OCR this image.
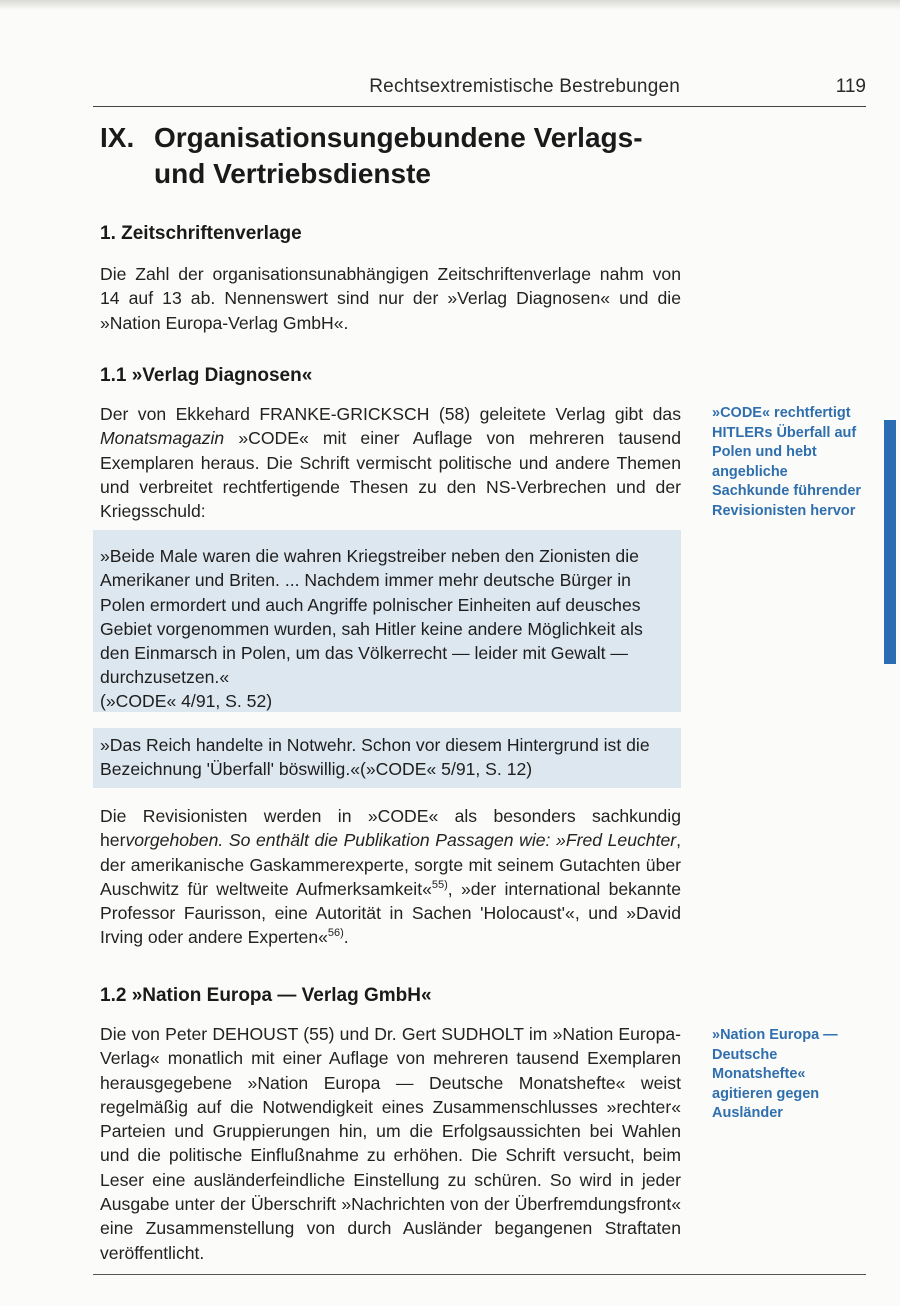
Rechtsextremistische Bestrebungen	119
IX. Organisationsungebundene Verlags-
und Vertriebsdienste
1. Zeitschriftenverlage

Die Zahl der organisationsunabhängigen Zeitschriftenverlage nahm von 14 auf 13 ab. Nennenswert sind nur der »Verlag Diagnosen« und die »Nation Europa-Verlag GmbH«.

1.1 »Verlag Diagnosen«

Der von Ekkehard FRANKE-GRICKSCH (58) geleitete Verlag gibt das Monatsmagazin »CODE« mit einer Auflage von mehreren tausend Exemplaren heraus. Die Schrift vermischt politische und andere Themen und verbreitet rechtfertigende Thesen zu den NS-Verbrechen und der Kriegsschuld:

»CODE« rechtfertigt HITLERs Überfall auf Polen und hebt angebliche Sachkunde führender Revisionisten hervor

»Beide Male waren die wahren Kriegstreiber neben den Zionisten die Amerikaner und Briten. ... Nachdem immer mehr deutsche Bürger in Polen ermordert und auch Angriffe polnischer Einheiten auf deusches Gebiet vorgenommen wurden, sah Hitler keine andere Möglichkeit als den Einmarsch in Polen, um das Völkerrecht — leider mit Gewalt — durchzusetzen.«

(»CODE« 4/91, S. 52)

»Das Reich handelte in Notwehr. Schon vor diesem Hintergrund ist die Bezeichnung 'Überfall' böswillig.«(»CODE« 5/91, S. 12)

Die Revisionisten werden in »CODE« als besonders sachkundig hervorgehoben. So enthält die Publikation Passagen wie: »Fred Leuchter, der amerikanische Gaskammerexperte, sorgte mit seinem Gutachten über Auschwitz für weltweite Aufmerksamkeit«$^{55)}$, »der international bekannte Professor Faurisson, eine Autorität in Sachen 'Holocaust'«, und »David Irving oder andere Experten«$^{56)}$.

1.2 »Nation Europa — Verlag GmbH«

Die von Peter DEHOUST (55) und Dr. Gert SUDHOLT im »Nation Europa-Verlag« monatlich mit einer Auflage von mehreren tausend Exemplaren herausgegebene »Nation Europa — Deutsche Monatshefte« weist regelmäßig auf die Notwendigkeit eines Zusammenschlusses »rechter« Parteien und Gruppierungen hin, um die Erfolgsaussichten bei Wahlen und die politische Einflußnahme zu erhöhen. Die Schrift versucht, beim Leser eine ausländerfeindliche Einstellung zu schüren. So wird in jeder Ausgabe unter der Überschrift »Nachrichten von der Überfremdungsfront« eine Zusammenstellung von durch Ausländer begangenen Straftaten veröffentlicht.

»Nation Europa — Deutsche Monatshefte« agitieren gegen Ausländer
